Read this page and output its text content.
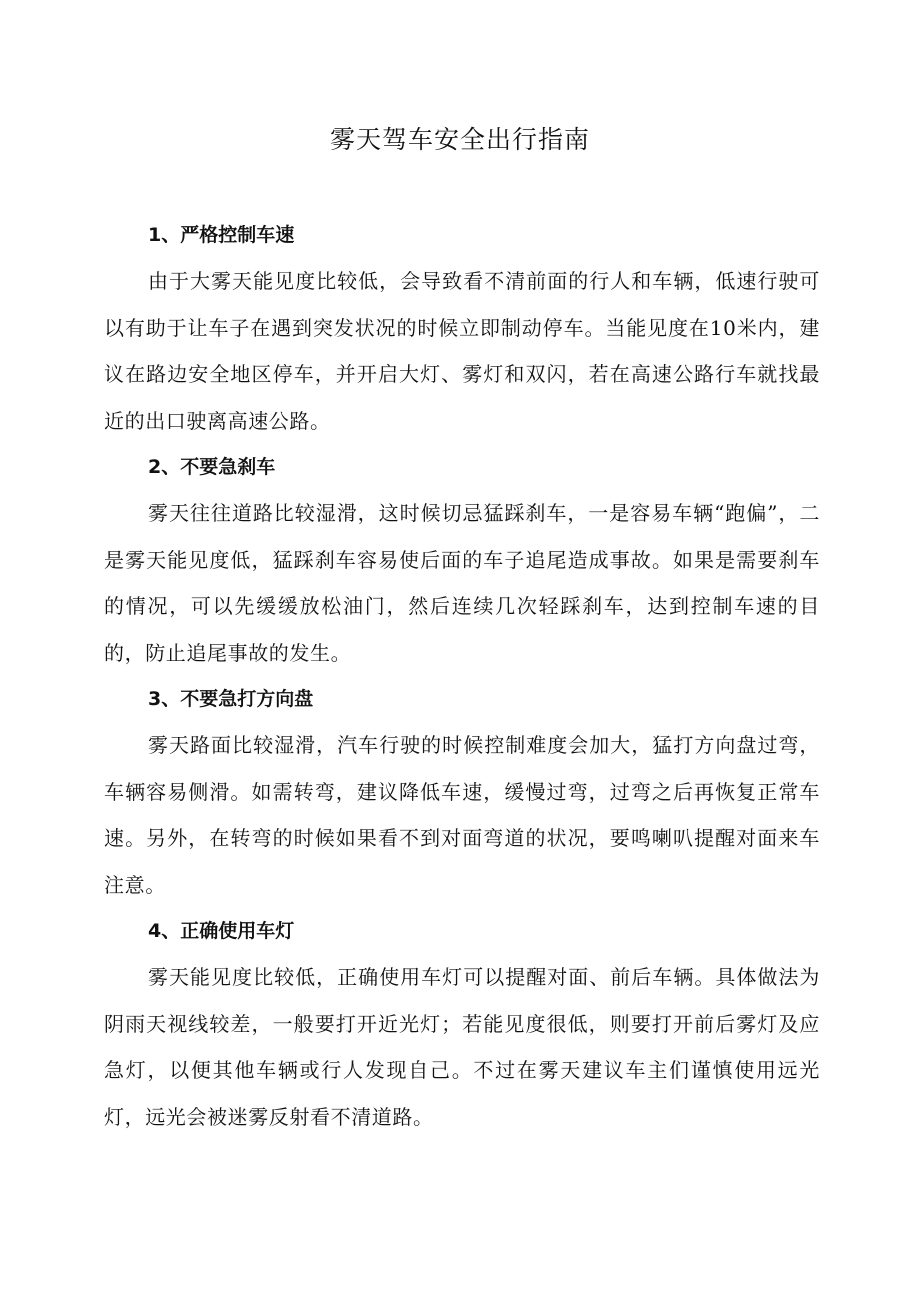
雾天驾车安全出行指南
1、严格控制车速

由于大雾天能见度比较低，会导致看不清前面的行人和车辆，低速行驶可以有助于让车子在遇到突发状况的时候立即制动停车。当能见度在10米内，建议在路边安全地区停车，并开启大灯、雾灯和双闪，若在高速公路行车就找最近的出口驶离高速公路。

2、不要急刹车

雾天往往道路比较湿滑，这时候切忌猛踩刹车，一是容易车辆“跑偏”，二是雾天能见度低，猛踩刹车容易使后面的车子追尾造成事故。如果是需要刹车的情况，可以先缓缓放松油门，然后连续几次轻踩刹车，达到控制车速的目的，防止追尾事故的发生。

3、不要急打方向盘

雾天路面比较湿滑，汽车行驶的时候控制难度会加大，猛打方向盘过弯，车辆容易侧滑。如需转弯，建议降低车速，缓慢过弯，过弯之后再恢复正常车速。另外，在转弯的时候如果看不到对面弯道的状况，要鸣喇叭提醒对面来车注意。

4、正确使用车灯

雾天能见度比较低，正确使用车灯可以提醒对面、前后车辆。具体做法为阴雨天视线较差，一般要打开近光灯；若能见度很低，则要打开前后雾灯及应急灯，以便其他车辆或行人发现自己。不过在雾天建议车主们谨慎使用远光灯，远光会被迷雾反射看不清道路。
